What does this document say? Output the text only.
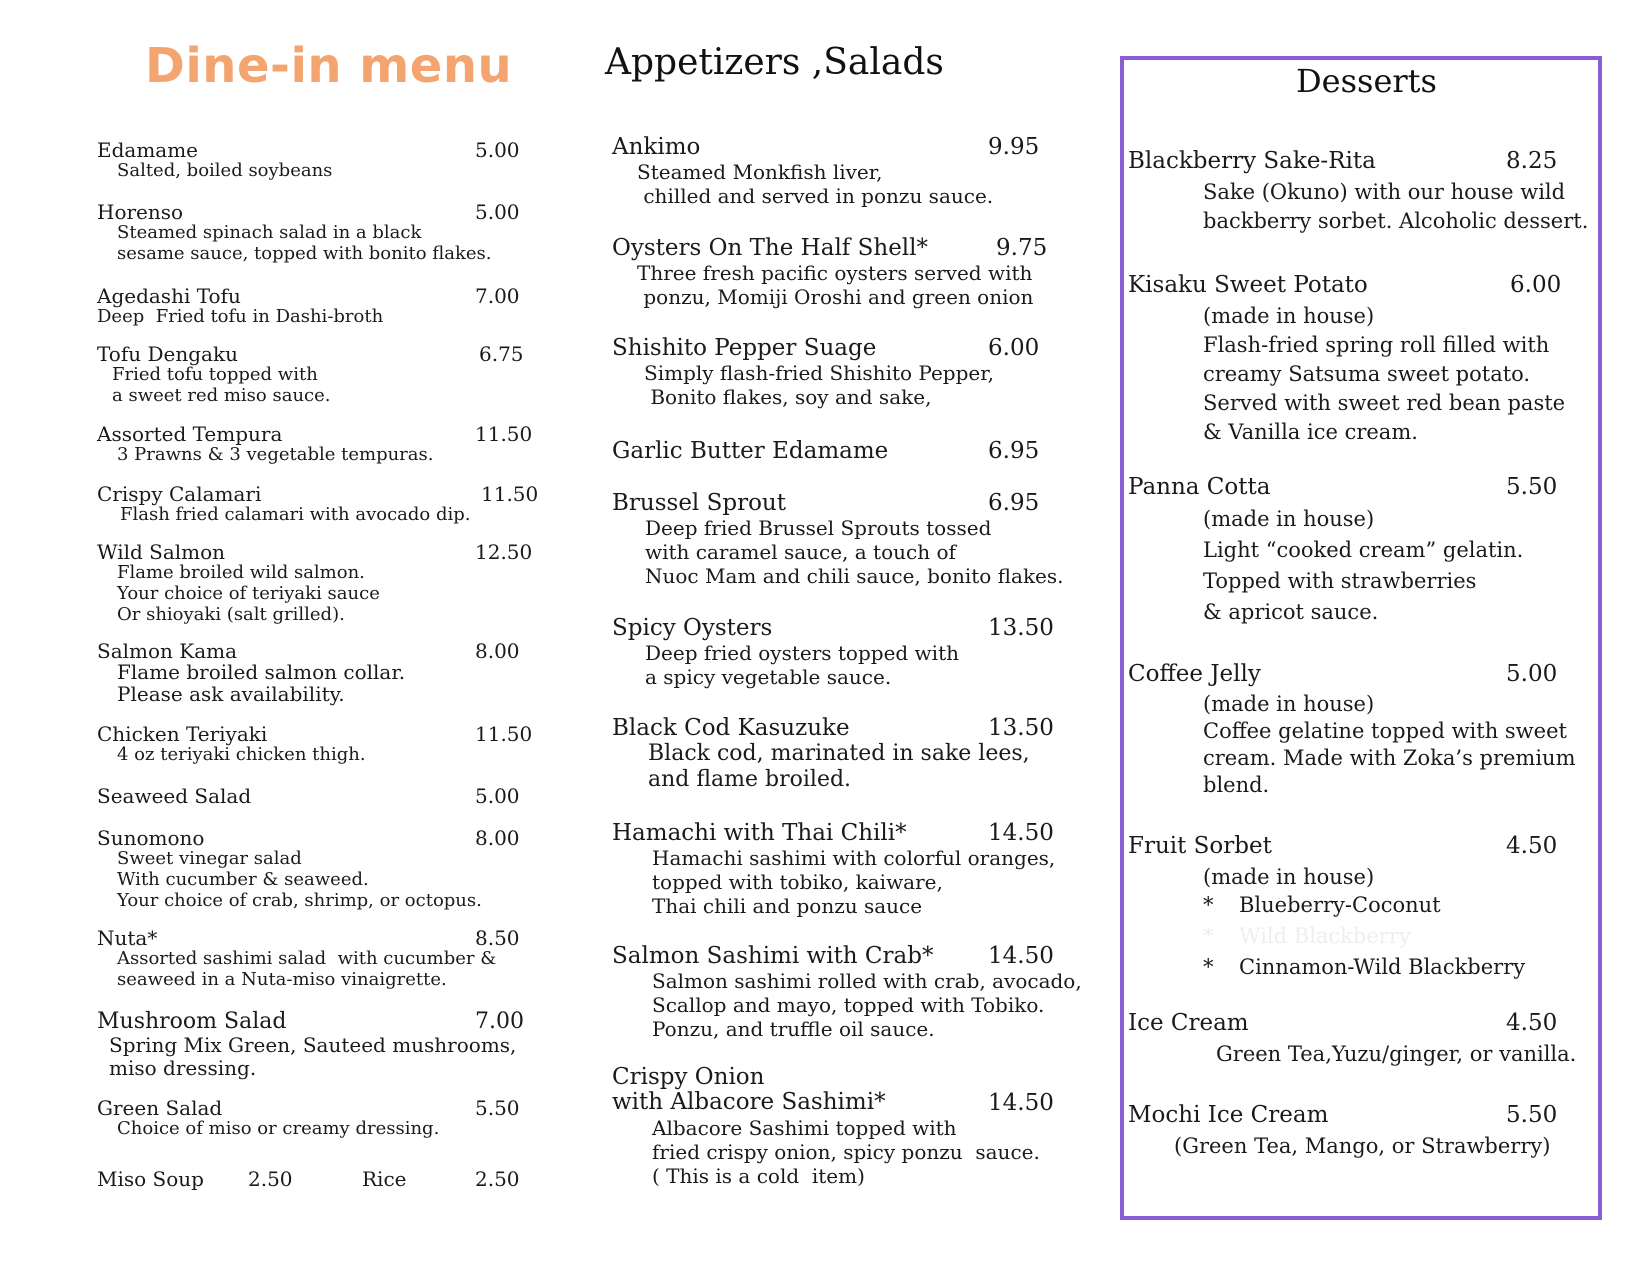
Dine-in menu	Appetizers ,Salads
Edamame	5.00
Salted, boiled soybeans
Horenso	5.00
Steamed spinach salad in a black
sesame sauce, topped with bonito flakes.
Agedashi Tofu	7.00
Deep  Fried tofu in Dashi-broth
Tofu Dengaku	6.75
Fried tofu topped with
a sweet red miso sauce.
Assorted Tempura	11.50
3 Prawns & 3 vegetable tempuras.
Crispy Calamari	11.50
Flash fried calamari with avocado dip.
Wild Salmon	12.50
Flame broiled wild salmon.
Your choice of teriyaki sauce
Or shioyaki (salt grilled).
Salmon Kama	8.00
Flame broiled salmon collar.
Please ask availability.
Chicken Teriyaki	11.50
4 oz teriyaki chicken thigh.
Seaweed Salad	5.00
Sunomono	8.00
Sweet vinegar salad
With cucumber & seaweed.
Your choice of crab, shrimp, or octopus.
Nuta*	8.50
Assorted sashimi salad  with cucumber &
seaweed in a Nuta-miso vinaigrette.
Mushroom Salad	7.00
Spring Mix Green, Sauteed mushrooms,
miso dressing.
Green Salad	5.50
Choice of miso or creamy dressing.
Miso Soup 2.50	Rice	2.50
Ankimo	9.95
Steamed Monkfish liver,
chilled and served in ponzu sauce.
Oysters On The Half Shell*	9.75
Three fresh pacific oysters served with
ponzu, Momiji Oroshi and green onion
Shishito Pepper Suage	6.00
Simply flash-fried Shishito Pepper,
Bonito flakes, soy and sake,
Garlic Butter Edamame	6.95
Brussel Sprout	6.95
Deep fried Brussel Sprouts tossed
with caramel sauce, a touch of
Nuoc Mam and chili sauce, bonito flakes.
Spicy Oysters	13.50
Deep fried oysters topped with
a spicy vegetable sauce.
Black Cod Kasuzuke	13.50
Black cod, marinated in sake lees,
and flame broiled.
Hamachi with Thai Chili*	14.50
Hamachi sashimi with colorful oranges,
topped with tobiko, kaiware,
Thai chili and ponzu sauce
Salmon Sashimi with Crab* 14.50
Salmon sashimi rolled with crab, avocado,
Scallop and mayo, topped with Tobiko.
Ponzu, and truffle oil sauce.
Crispy Onion
with Albacore Sashimi*	14.50
Albacore Sashimi topped with
fried crispy onion, spicy ponzu  sauce.
( This is a cold  item)
Desserts
Blackberry Sake-Rita	8.25
Sake (Okuno) with our house wild
backberry sorbet. Alcoholic dessert.
Kisaku Sweet Potato	6.00
(made in house)
Flash-fried spring roll filled with
creamy Satsuma sweet potato.
Served with sweet red bean paste
& Vanilla ice cream.
Panna Cotta	5.50
(made in house)
Light “cooked cream” gelatin.
Topped with strawberries
& apricot sauce.
Coffee Jelly	5.00
(made in house)
Coffee gelatine topped with sweet
cream. Made with Zoka’s premium
blend.
Fruit Sorbet	4.50
(made in house)
* Blueberry-Coconut
* Wild Blackberry
* Cinnamon-Wild Blackberry
Ice Cream	4.50
Green Tea,Yuzu/ginger, or vanilla.
Mochi Ice Cream	5.50
(Green Tea, Mango, or Strawberry)
